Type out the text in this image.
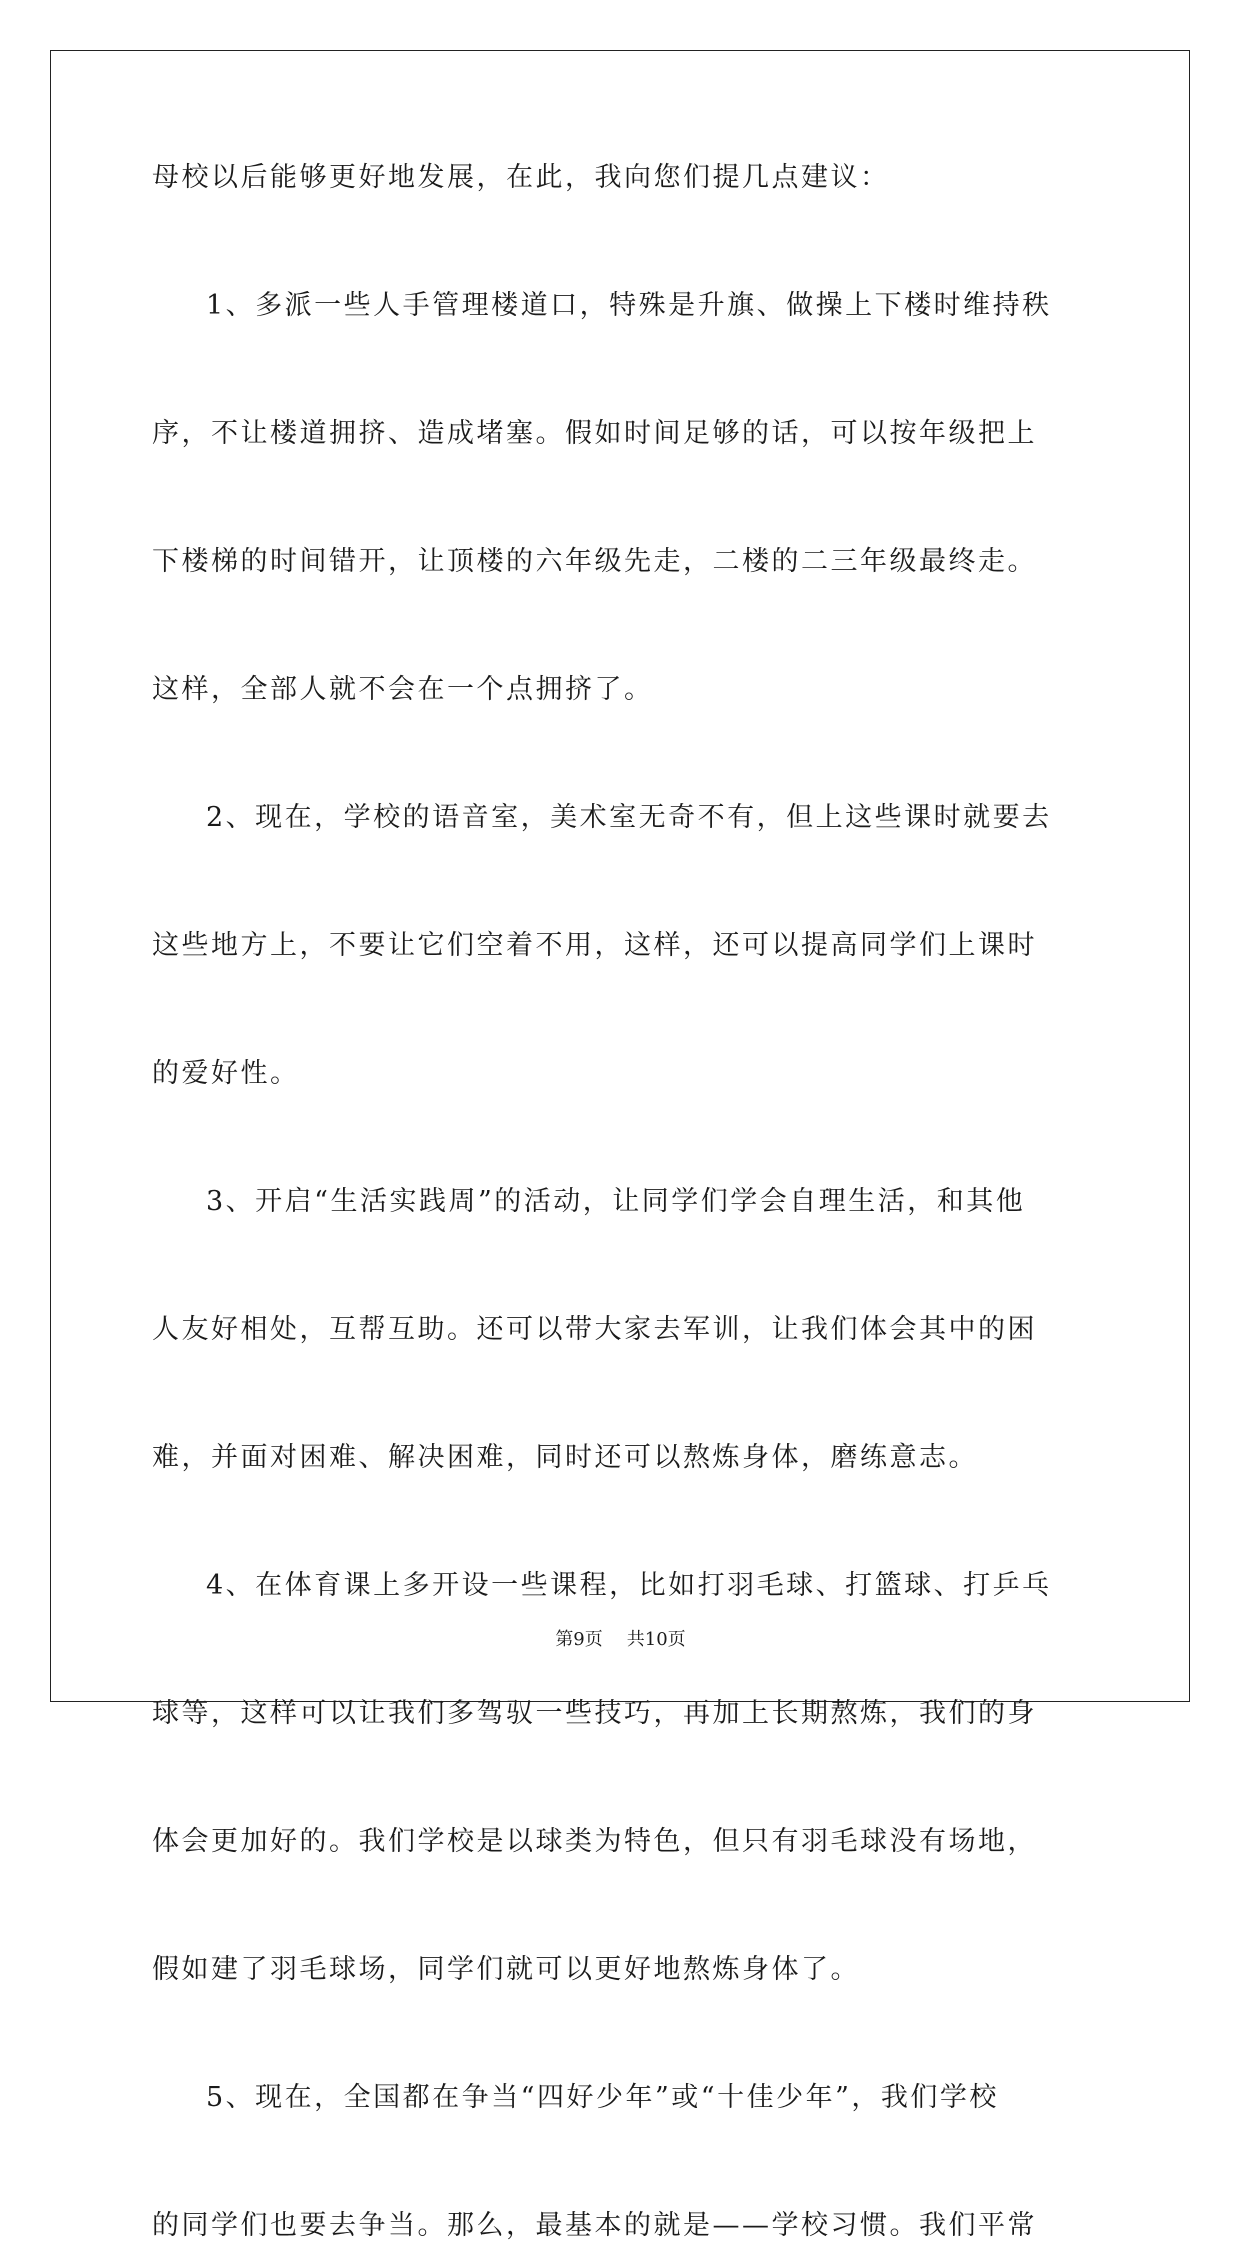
母校以后能够更好地发展，在此，我向您们提几点建议：

1、多派一些人手管理楼道口，特殊是升旗、做操上下楼时维持秩

序，不让楼道拥挤、造成堵塞。假如时间足够的话，可以按年级把上

下楼梯的时间错开，让顶楼的六年级先走，二楼的二三年级最终走。

这样，全部人就不会在一个点拥挤了。

2、现在，学校的语音室，美术室无奇不有，但上这些课时就要去

这些地方上，不要让它们空着不用，这样，还可以提高同学们上课时

的爱好性。

3、开启“生活实践周”的活动，让同学们学会自理生活，和其他

人友好相处，互帮互助。还可以带大家去军训，让我们体会其中的困

难，并面对困难、解决困难，同时还可以熬炼身体，磨练意志。

4、在体育课上多开设一些课程，比如打羽毛球、打篮球、打乒乓

球等，这样可以让我们多驾驭一些技巧，再加上长期熬炼，我们的身

体会更加好的。我们学校是以球类为特色，但只有羽毛球没有场地，

假如建了羽毛球场，同学们就可以更好地熬炼身体了。

5、现在，全国都在争当“四好少年”或“十佳少年”，我们学校

的同学们也要去争当。那么，最基本的就是——学校习惯。我们平常

第9页 共10页
